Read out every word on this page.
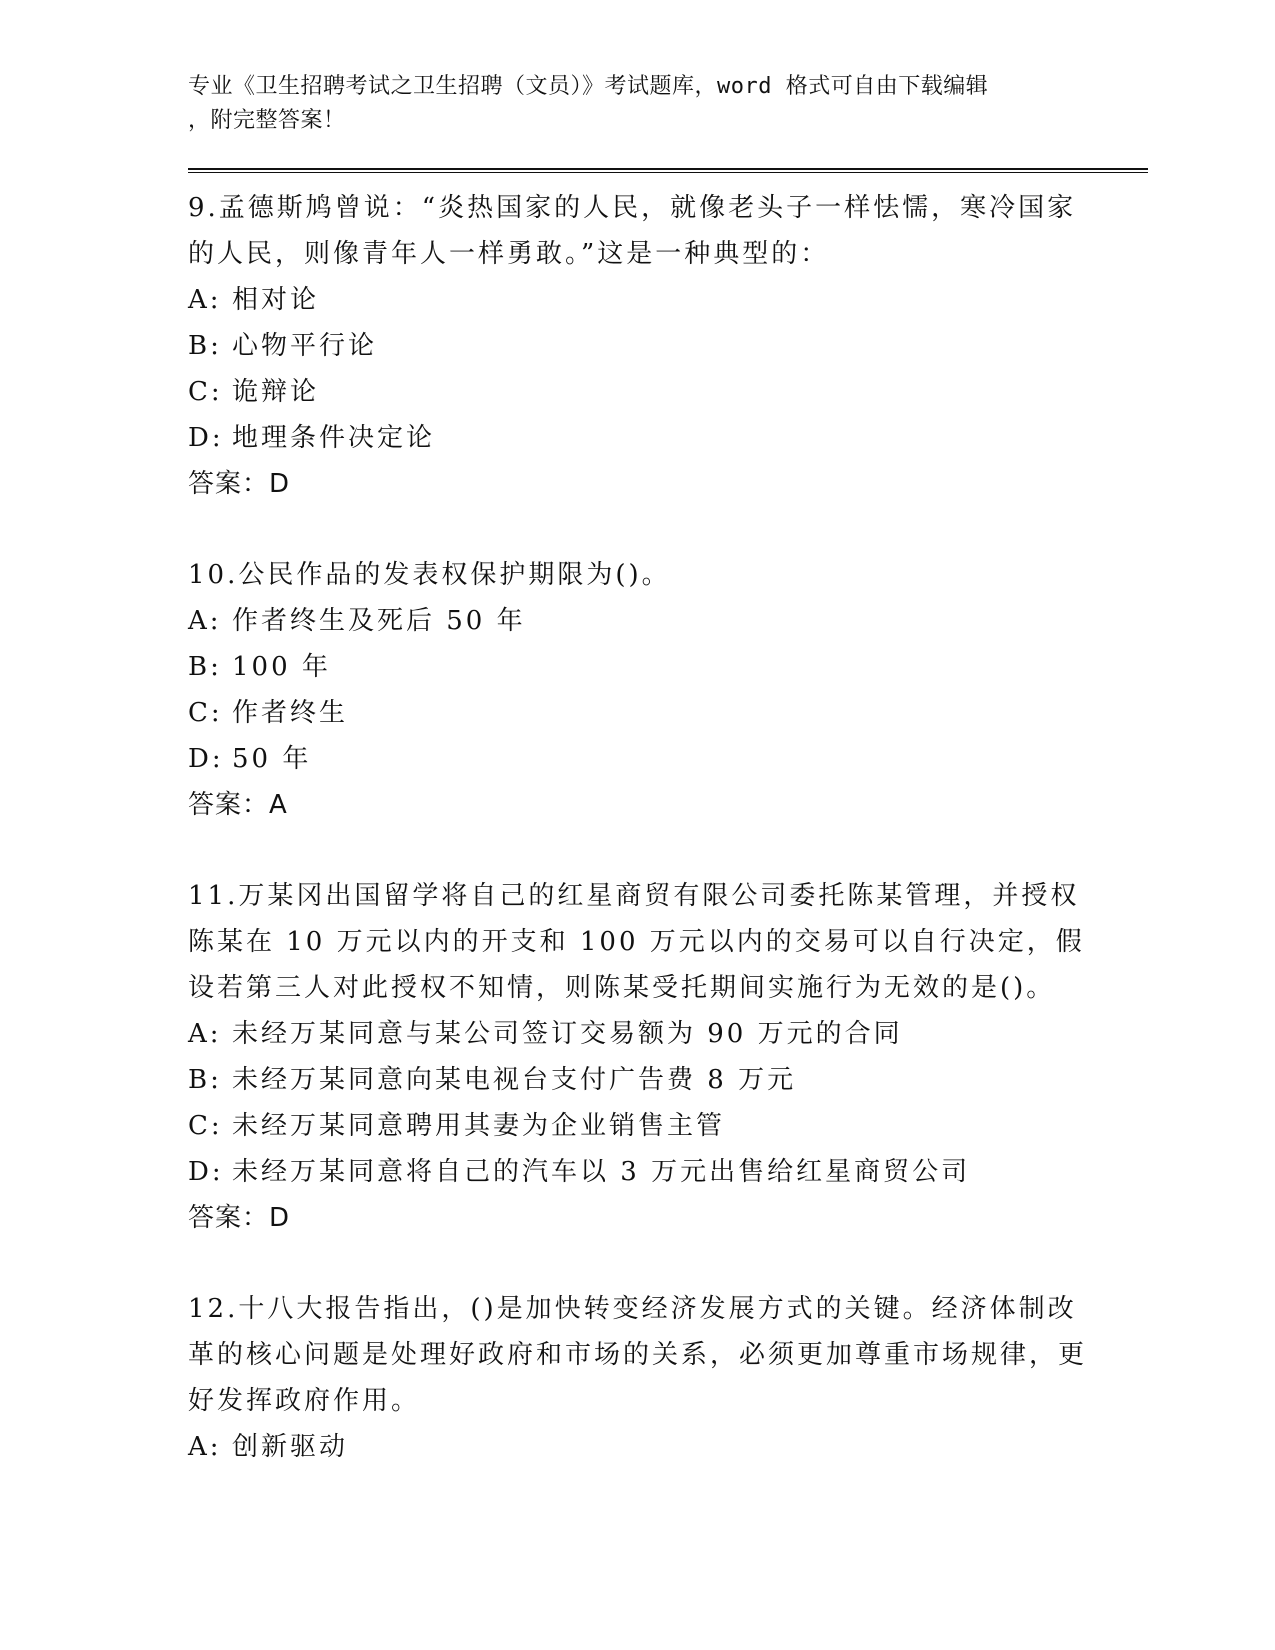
专业《卫生招聘考试之卫生招聘（文员）》考试题库，word 格式可自由下载编辑

，附完整答案！

9.孟德斯鸠曾说：“炎热国家的人民，就像老头子一样怯懦，寒冷国家的人民，则像青年人一样勇敢。”这是一种典型的：

A: 相对论

B: 心物平行论

C: 诡辩论

D: 地理条件决定论

答案：D

10.公民作品的发表权保护期限为()。

A: 作者终生及死后 50 年

B: 100 年

C: 作者终生

D: 50 年

答案：A

11.万某冈出国留学将自己的红星商贸有限公司委托陈某管理，并授权陈某在 10 万元以内的开支和 100 万元以内的交易可以自行决定，假设若第三人对此授权不知情，则陈某受托期间实施行为无效的是()。

A: 未经万某同意与某公司签订交易额为 90 万元的合同

B: 未经万某同意向某电视台支付广告费 8 万元

C: 未经万某同意聘用其妻为企业销售主管

D: 未经万某同意将自己的汽车以 3 万元出售给红星商贸公司

答案：D

12.十八大报告指出，()是加快转变经济发展方式的关键。经济体制改革的核心问题是处理好政府和市场的关系，必须更加尊重市场规律，更好发挥政府作用。

A: 创新驱动
